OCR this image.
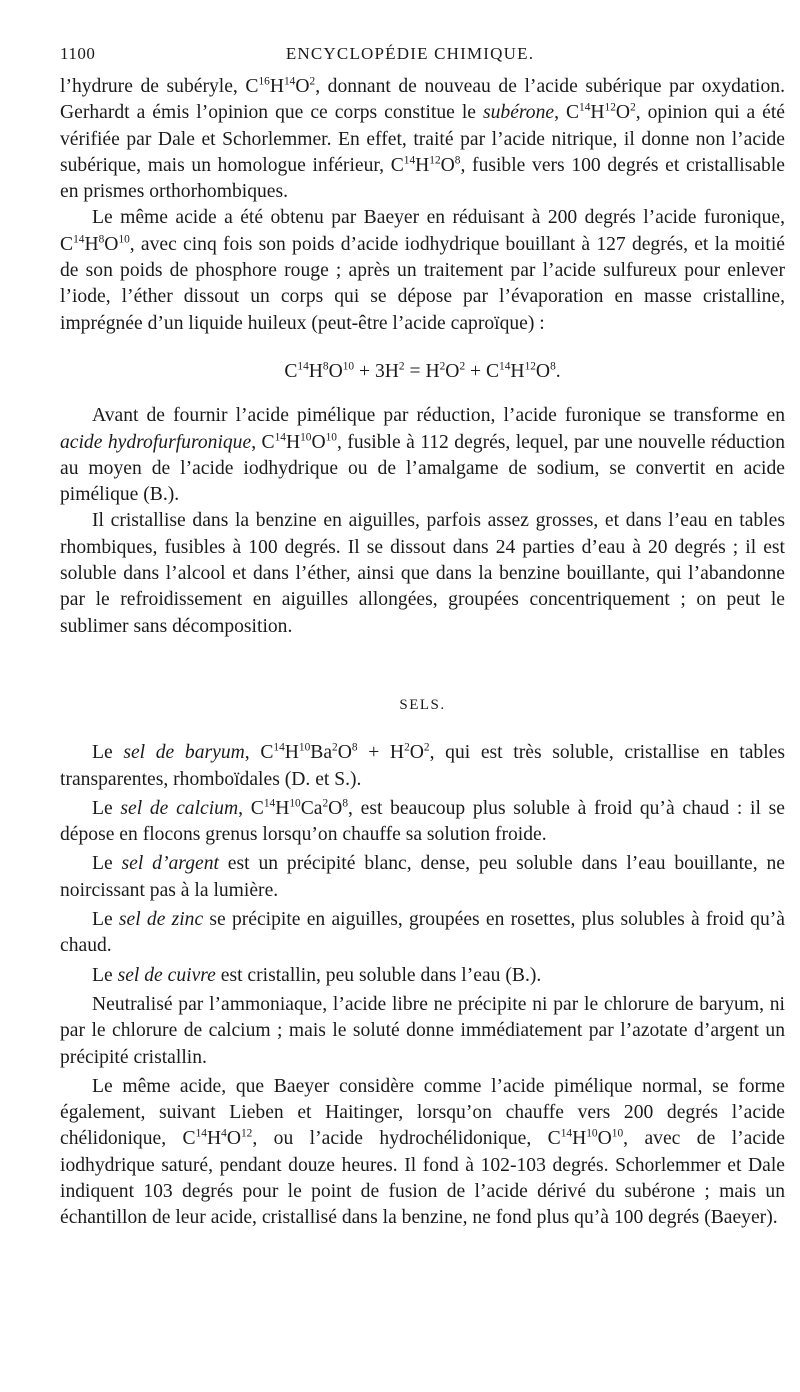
1100	ENCYCLOPÉDIE CHIMIQUE.

l’hydrure de subéryle, $C^{16}H^{14}O^2$, donnant de nouveau de l’acide subérique par oxydation. Gerhardt a émis l’opinion que ce corps constitue le subérone, $C^{14}H^{12}O^2$, opinion qui a été vérifiée par Dale et Schorlemmer. En effet, traité par l’acide nitrique, il donne non l’acide subérique, mais un homologue inférieur, $C^{14}H^{12}O^8$, fusible vers 100 degrés et cristallisable en prismes orthorhombiques.

Le même acide a été obtenu par Baeyer en réduisant à 200 degrés l’acide furonique, $C^{14}H^8O^{10}$, avec cinq fois son poids d’acide iodhydrique bouillant à 127 degrés, et la moitié de son poids de phosphore rouge ; après un traitement par l’acide sulfureux pour enlever l’iode, l’éther dissout un corps qui se dépose par l’évaporation en masse cristalline, imprégnée d’un liquide huileux (peut-être l’acide caproïque) :

$C^{14}H^8O^{10} + 3H^2 = H^2O^2 + C^{14}H^{12}O^8$.

Avant de fournir l’acide pimélique par réduction, l’acide furonique se transforme en acide hydrofurfuronique, $C^{14}H^{10}O^{10}$, fusible à 112 degrés, lequel, par une nouvelle réduction au moyen de l’acide iodhydrique ou de l’amalgame de sodium, se convertit en acide pimélique (B.).

Il cristallise dans la benzine en aiguilles, parfois assez grosses, et dans l’eau en tables rhombiques, fusibles à 100 degrés. Il se dissout dans 24 parties d’eau à 20 degrés ; il est soluble dans l’alcool et dans l’éther, ainsi que dans la benzine bouillante, qui l’abandonne par le refroidissement en aiguilles allongées, groupées concentriquement ; on peut le sublimer sans décomposition.

SELS.

Le sel de baryum, $C^{14}H^{10}Ba^2O^8 + H^2O^2$, qui est très soluble, cristallise en tables transparentes, rhomboïdales (D. et S.).

Le sel de calcium, $C^{14}H^{10}Ca^2O^8$, est beaucoup plus soluble à froid qu’à chaud : il se dépose en flocons grenus lorsqu’on chauffe sa solution froide.

Le sel d’argent est un précipité blanc, dense, peu soluble dans l’eau bouillante, ne noircissant pas à la lumière.

Le sel de zinc se précipite en aiguilles, groupées en rosettes, plus solubles à froid qu’à chaud.

Le sel de cuivre est cristallin, peu soluble dans l’eau (B.).

Neutralisé par l’ammoniaque, l’acide libre ne précipite ni par le chlorure de baryum, ni par le chlorure de calcium ; mais le soluté donne immédiatement par l’azotate d’argent un précipité cristallin.

Le même acide, que Baeyer considère comme l’acide pimélique normal, se forme également, suivant Lieben et Haitinger, lorsqu’on chauffe vers 200 degrés l’acide chélidonique, $C^{14}H^4O^{12}$, ou l’acide hydrochélidonique, $C^{14}H^{10}O^{10}$, avec de l’acide iodhydrique saturé, pendant douze heures. Il fond à 102-103 degrés. Schorlemmer et Dale indiquent 103 degrés pour le point de fusion de l’acide dérivé du subérone ; mais un échantillon de leur acide, cristallisé dans la benzine, ne fond plus qu’à 100 degrés (Baeyer).
